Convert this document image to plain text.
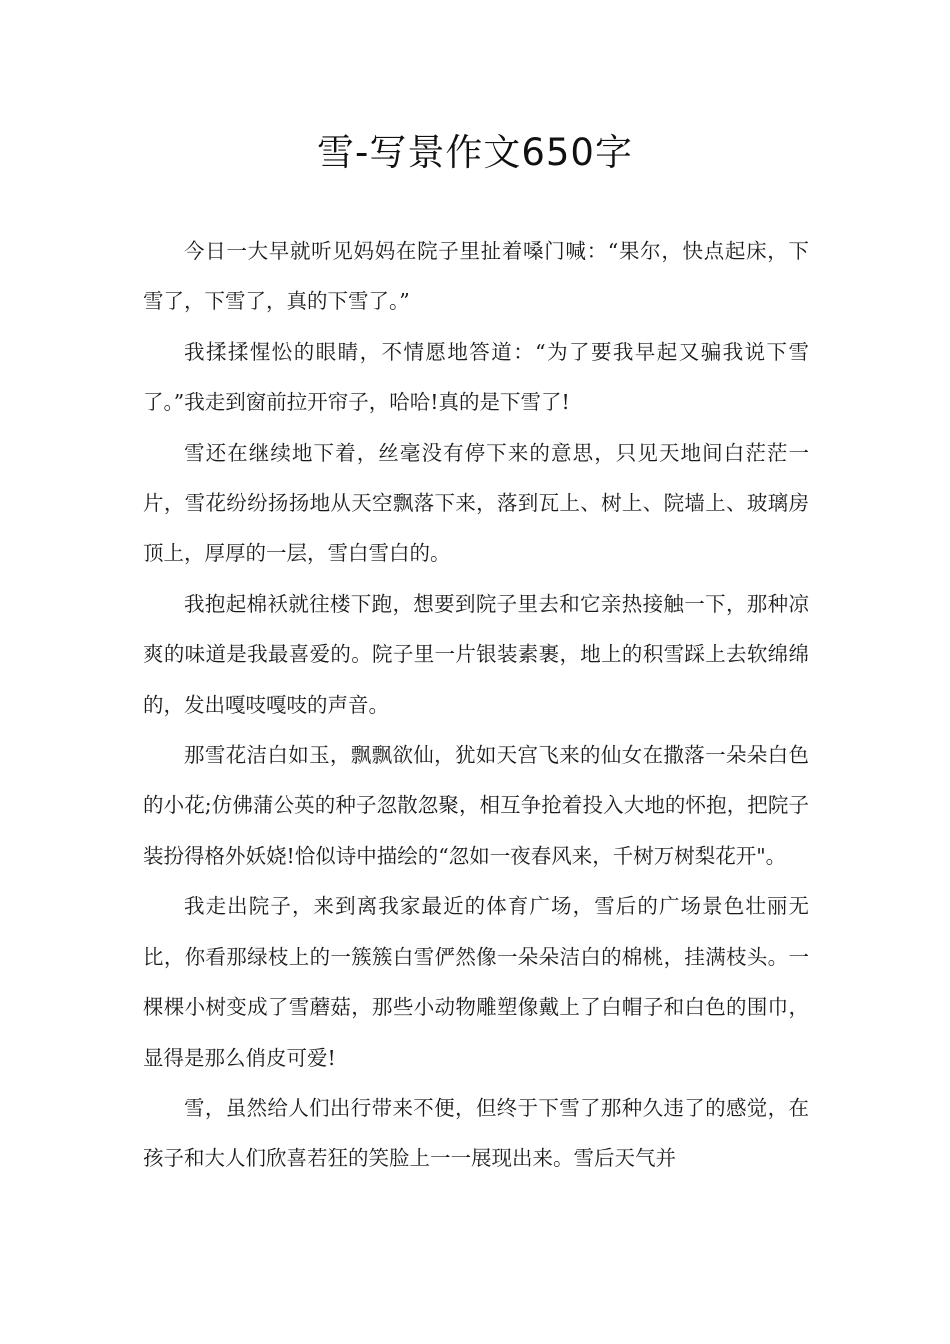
雪-写景作文650字

今日一大早就听见妈妈在院子里扯着嗓门喊：“果尔，快点起床，下雪了，下雪了，真的下雪了。”

我揉揉惺忪的眼睛，不情愿地答道：“为了要我早起又骗我说下雪了。”我走到窗前拉开帘子，哈哈!真的是下雪了!

雪还在继续地下着，丝毫没有停下来的意思，只见天地间白茫茫一片，雪花纷纷扬扬地从天空飘落下来，落到瓦上、树上、院墙上、玻璃房顶上，厚厚的一层，雪白雪白的。

我抱起棉袄就往楼下跑，想要到院子里去和它亲热接触一下，那种凉爽的味道是我最喜爱的。院子里一片银装素裹，地上的积雪踩上去软绵绵的，发出嘎吱嘎吱的声音。

那雪花洁白如玉，飘飘欲仙，犹如天宫飞来的仙女在撒落一朵朵白色的小花;仿佛蒲公英的种子忽散忽聚，相互争抢着投入大地的怀抱，把院子装扮得格外妖娆!恰似诗中描绘的“忽如一夜春风来，千树万树梨花开"。

我走出院子，来到离我家最近的体育广场，雪后的广场景色壮丽无比，你看那绿枝上的一簇簇白雪俨然像一朵朵洁白的棉桃，挂满枝头。一棵棵小树变成了雪蘑菇，那些小动物雕塑像戴上了白帽子和白色的围巾，显得是那么俏皮可爱!

雪，虽然给人们出行带来不便，但终于下雪了那种久违了的感觉，在孩子和大人们欣喜若狂的笑脸上一一展现出来。雪后天气并
